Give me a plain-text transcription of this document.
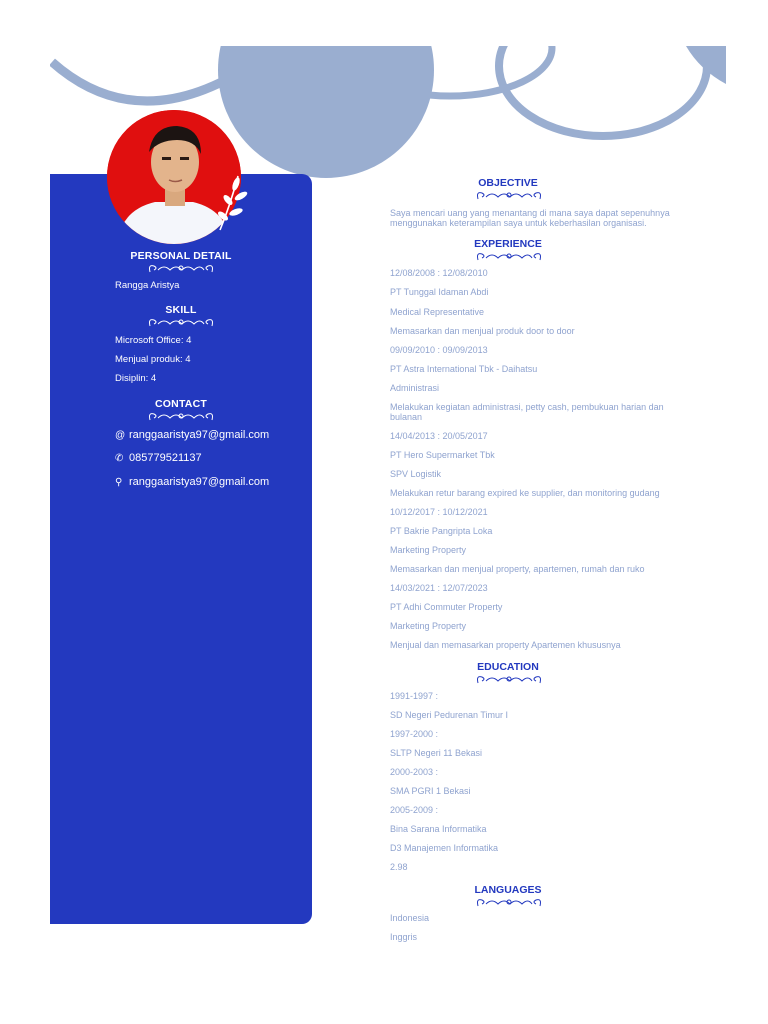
PERSONAL DETAIL
Rangga Aristya
SKILL
Microsoft Office: 4
Menjual produk: 4
Disiplin: 4
CONTACT
@ ranggaaristya97@gmail.com
✆ 085779521137
⚲ ranggaaristya97@gmail.com
OBJECTIVE
Saya mencari uang yang menantang di mana saya dapat sepenuhnya menggunakan keterampilan saya untuk keberhasilan organisasi.
EXPERIENCE
12/08/2008 : 12/08/2010
PT Tunggal Idaman Abdi
Medical Representative
Memasarkan dan menjual produk door to door
09/09/2010 : 09/09/2013
PT Astra International Tbk - Daihatsu
Administrasi
Melakukan kegiatan administrasi, petty cash, pembukuan harian dan bulanan
14/04/2013 : 20/05/2017
PT Hero Supermarket Tbk
SPV Logistik
Melakukan retur barang expired ke supplier, dan monitoring gudang
10/12/2017 : 10/12/2021
PT Bakrie Pangripta Loka
Marketing Property
Memasarkan dan menjual property, apartemen, rumah dan ruko
14/03/2021 : 12/07/2023
PT Adhi Commuter Property
Marketing Property
Menjual dan memasarkan property Apartemen khususnya
EDUCATION
1991-1997 :
SD Negeri Pedurenan Timur I
1997-2000 :
SLTP Negeri 11 Bekasi
2000-2003 :
SMA PGRI 1 Bekasi
2005-2009 :
Bina Sarana Informatika
D3 Manajemen Informatika
2.98
LANGUAGES
Indonesia
Inggris
